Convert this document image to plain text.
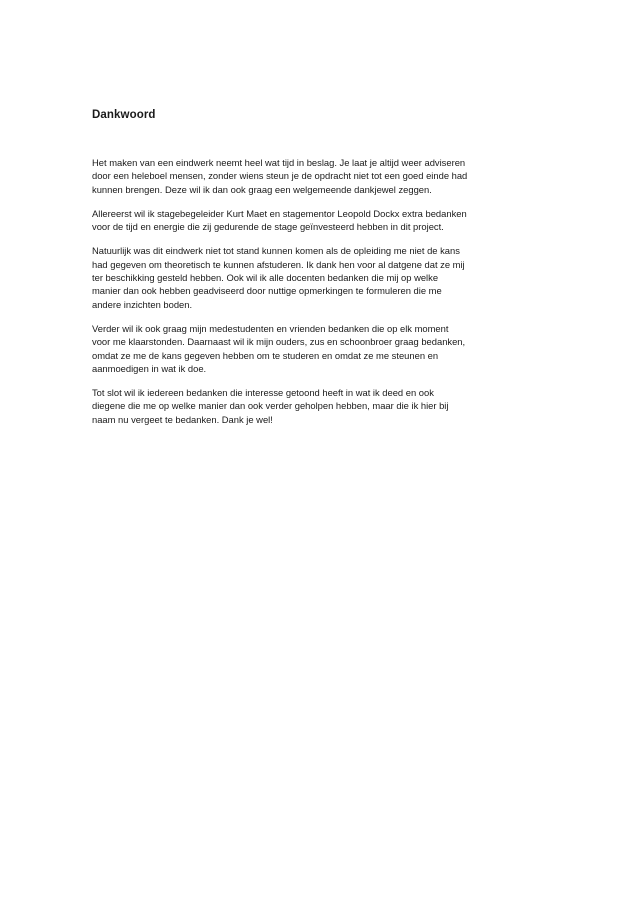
Dankwoord

Het maken van een eindwerk neemt heel wat tijd in beslag. Je laat je altijd weer adviseren
door een heleboel mensen, zonder wiens steun je de opdracht niet tot een goed einde had
kunnen brengen. Deze wil ik dan ook graag een welgemeende dankjewel zeggen.

Allereerst wil ik stagebegeleider Kurt Maet en stagementor Leopold Dockx extra bedanken
voor de tijd en energie die zij gedurende de stage geïnvesteerd hebben in dit project.

Natuurlijk was dit eindwerk niet tot stand kunnen komen als de opleiding me niet de kans
had gegeven om theoretisch te kunnen afstuderen. Ik dank hen voor al datgene dat ze mij
ter beschikking gesteld hebben. Ook wil ik alle docenten bedanken die mij op welke
manier dan ook hebben geadviseerd door nuttige opmerkingen te formuleren die me
andere inzichten boden.

Verder wil ik ook graag mijn medestudenten en vrienden bedanken die op elk moment
voor me klaarstonden. Daarnaast wil ik mijn ouders, zus en schoonbroer graag bedanken,
omdat ze me de kans gegeven hebben om te studeren en omdat ze me steunen en
aanmoedigen in wat ik doe.

Tot slot wil ik iedereen bedanken die interesse getoond heeft in wat ik deed en ook
diegene die me op welke manier dan ook verder geholpen hebben, maar die ik hier bij
naam nu vergeet te bedanken. Dank je wel!
